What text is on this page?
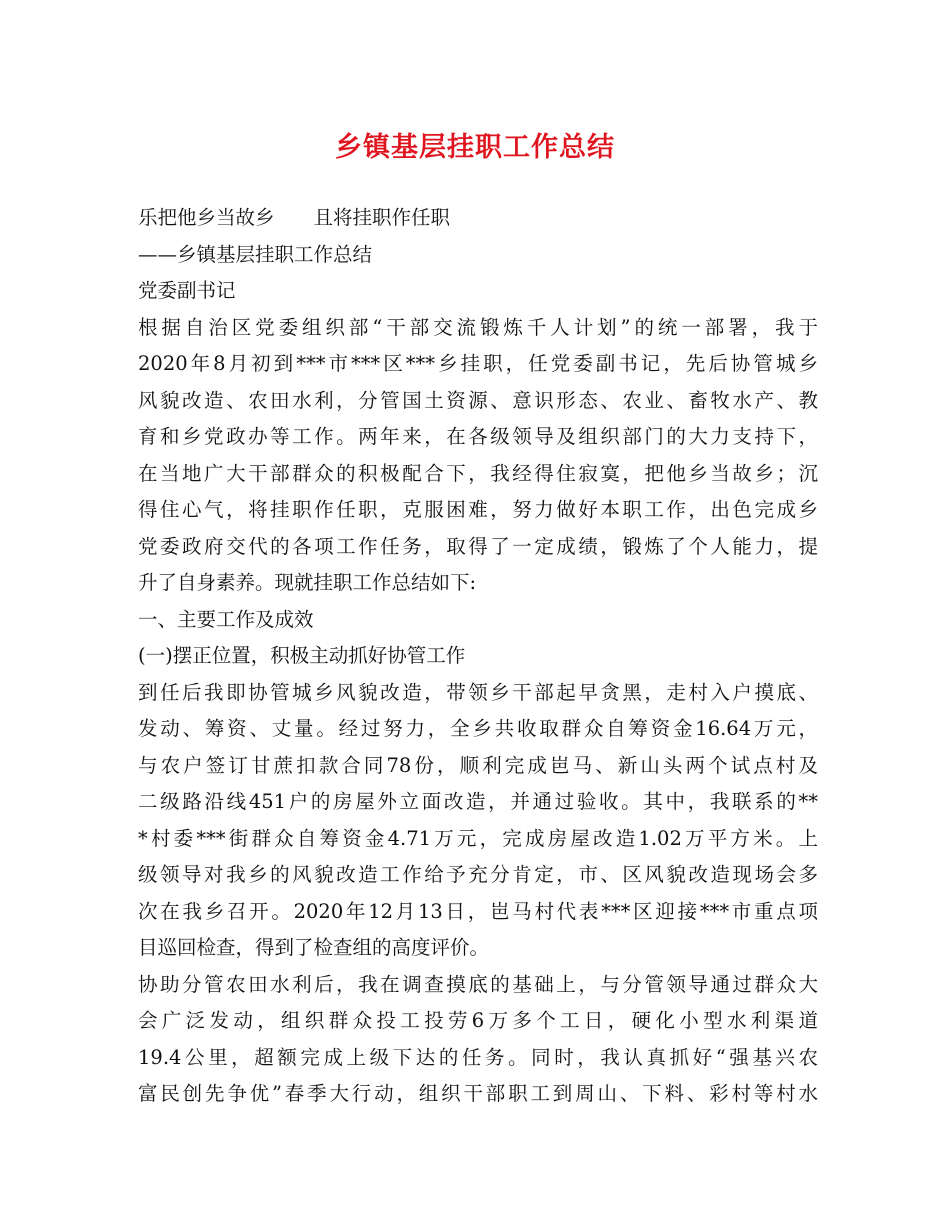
乡镇基层挂职工作总结
乐把他乡当故乡　　且将挂职作任职
——乡镇基层挂职工作总结
党委副书记
根据自治区党委组织部“干部交流锻炼千人计划”的统一部署，我于
2020年8月初到***市***区***乡挂职，任党委副书记，先后协管城乡
风貌改造、农田水利，分管国土资源、意识形态、农业、畜牧水产、教
育和乡党政办等工作。两年来，在各级领导及组织部门的大力支持下，
在当地广大干部群众的积极配合下，我经得住寂寞，把他乡当故乡；沉
得住心气，将挂职作任职，克服困难，努力做好本职工作，出色完成乡
党委政府交代的各项工作任务，取得了一定成绩，锻炼了个人能力，提
升了自身素养。现就挂职工作总结如下:
一、主要工作及成效
(一)摆正位置，积极主动抓好协管工作
到任后我即协管城乡风貌改造，带领乡干部起早贪黑，走村入户摸底、
发动、筹资、丈量。经过努力，全乡共收取群众自筹资金16.64万元，
与农户签订甘蔗扣款合同78份，顺利完成岜马、新山头两个试点村及
二级路沿线451户的房屋外立面改造，并通过验收。其中，我联系的**
*村委***街群众自筹资金4.71万元，完成房屋改造1.02万平方米。上
级领导对我乡的风貌改造工作给予充分肯定，市、区风貌改造现场会多
次在我乡召开。2020年12月13日，岜马村代表***区迎接***市重点项
目巡回检查，得到了检查组的高度评价。
协助分管农田水利后，我在调查摸底的基础上，与分管领导通过群众大
会广泛发动，组织群众投工投劳6万多个工日，硬化小型水利渠道
19.4公里，超额完成上级下达的任务。同时，我认真抓好“强基兴农
富民创先争优”春季大行动，组织干部职工到周山、下料、彩村等村水
